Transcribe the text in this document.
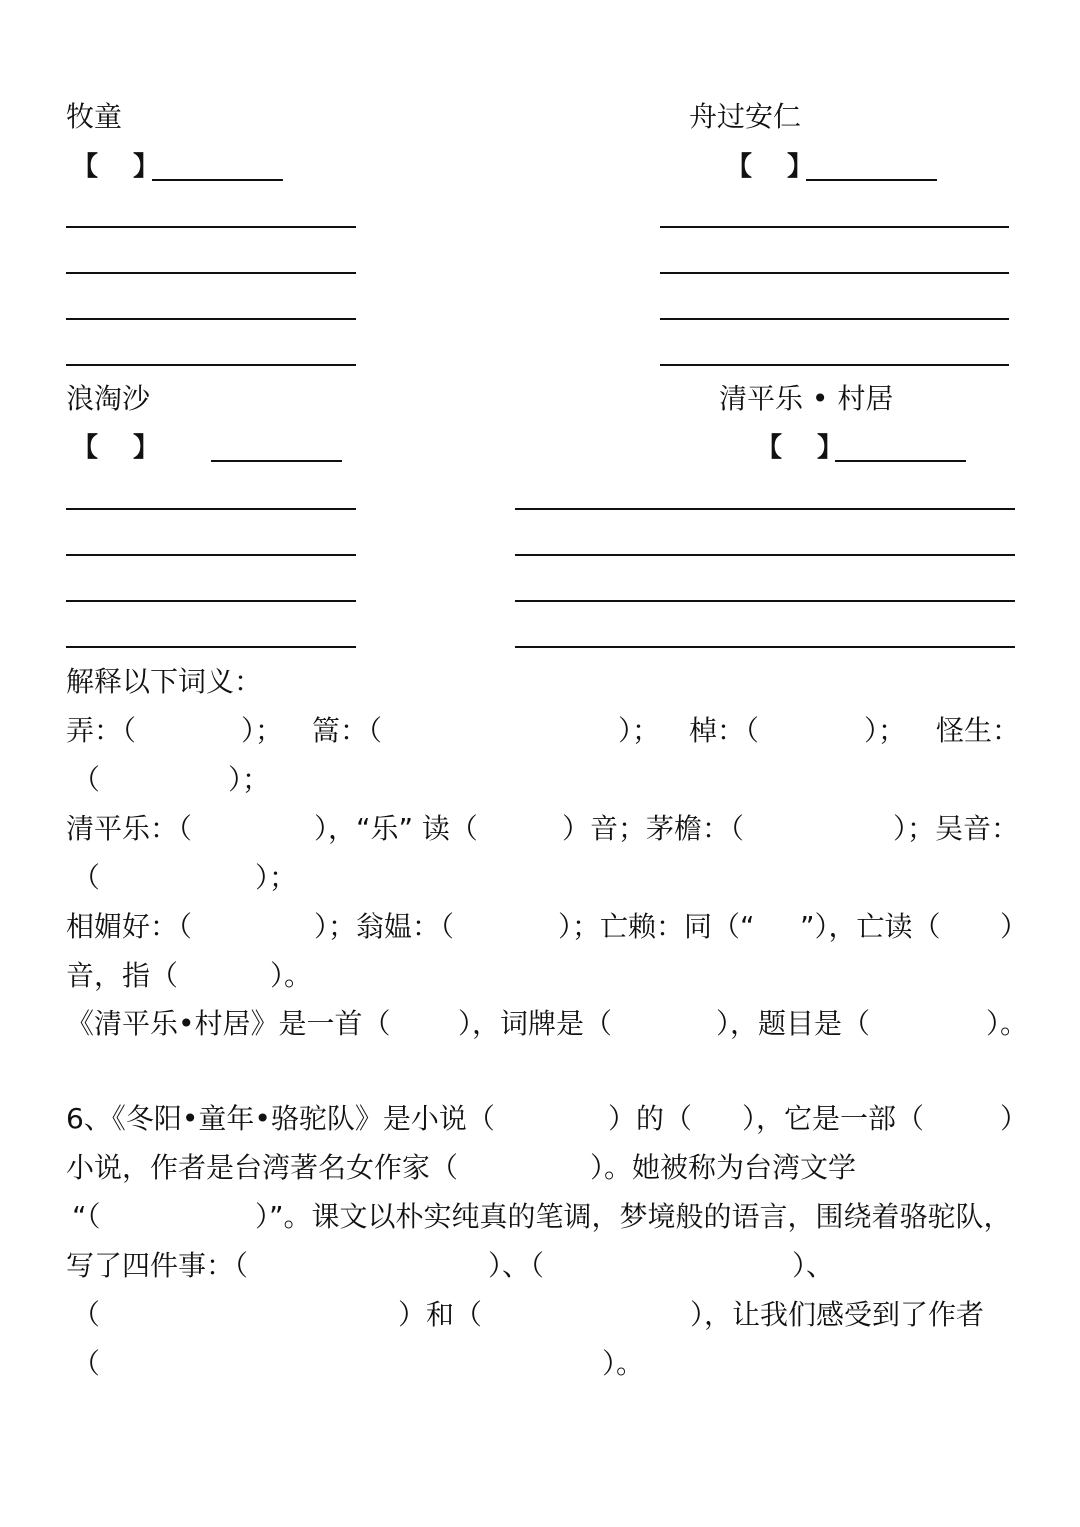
牧童
【 】
舟过安仁
【 】
浪淘沙
【 】
清平乐 • 村居
【 】
解释以下词义：
弄：（	）； 篙：（	）； 棹：（	）； 怪生：
（	）；
清平乐：（	），“乐” 读（	）音；茅檐：（	）；吴音：
（	）；
相媚好：（	）；翁媪：（	）；亡赖：同（“ ”），亡读（ ）
音，指（	）。
《清平乐•村居》是一首（ ），词牌是（	），题目是（	）。
6、《冬阳•童年•骆驼队》是小说（	）的（ ），它是一部（	）
小说，作者是台湾著名女作家（	）。她被称为台湾文学
“（	）”。课文以朴实纯真的笔调，梦境般的语言，围绕着骆驼队，
写了四件事：（	）、（	）、
（	）和（	），让我们感受到了作者
（	）。
